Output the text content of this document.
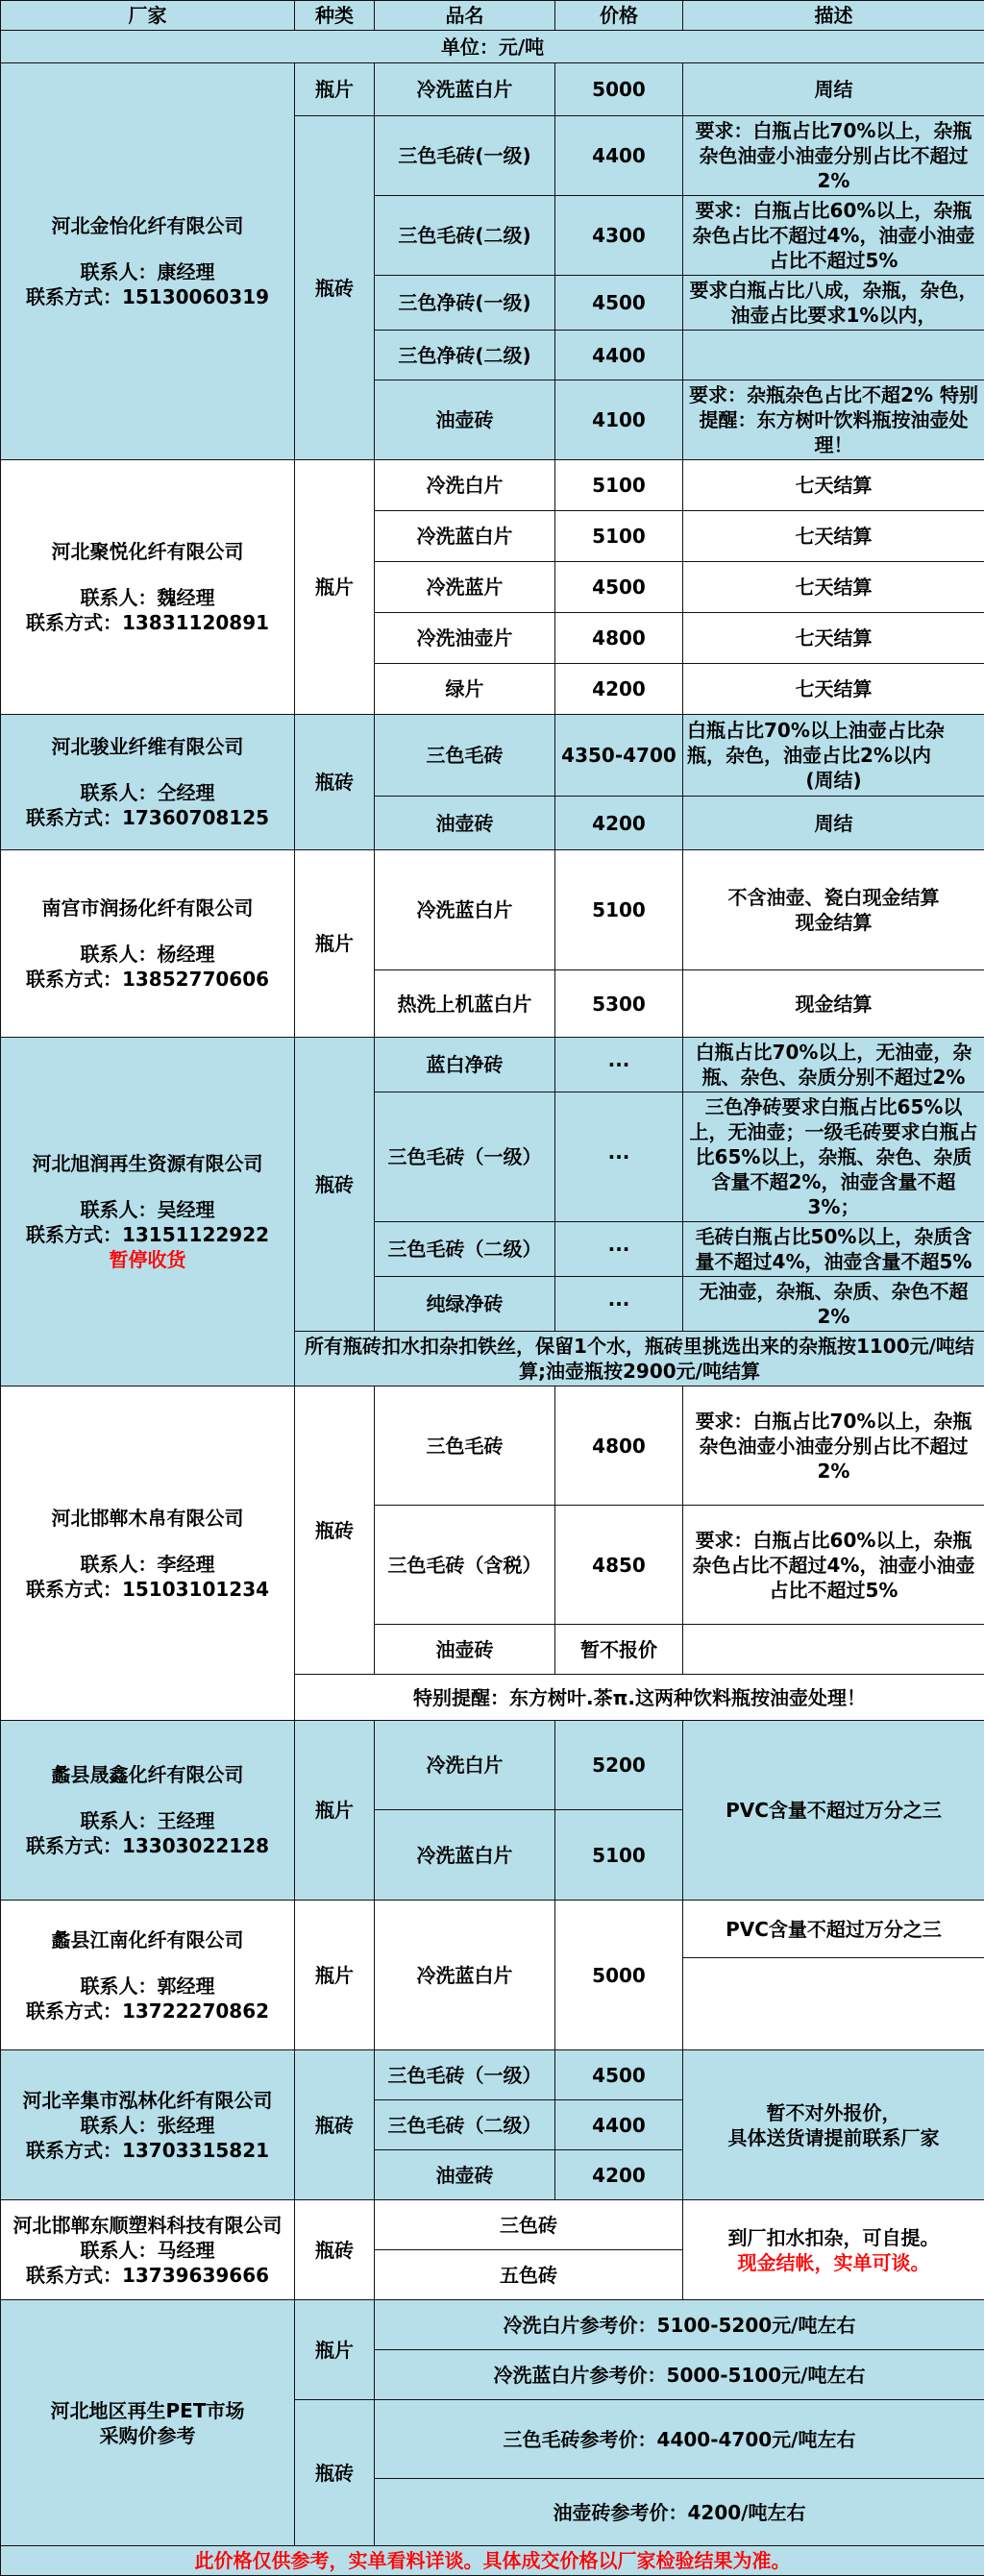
厂家	种类	品名	价格	描述
单位：元/吨				

河北金怡化纤有限公司
联系人：康经理
联系方式：15130060319	瓶片	冷洗蓝白片	5000	周结
	瓶砖	三色毛砖(一级)	4400	要求：白瓶占比70%以上，杂瓶杂色油壶小油壶分别占比不超过2%
		三色毛砖(二级)	4300	要求：白瓶占比60%以上，杂瓶杂色占比不超过4%，油壶小油壶占比不超过5%
		三色净砖(一级)	4500	要求白瓶占比八成，杂瓶，杂色，油壶占比要求1%以内，
		三色净砖(二级)	4400	
		油壶砖	4100	要求：杂瓶杂色占比不超2% 特别提醒：东方树叶饮料瓶按油壶处理！

河北聚悦化纤有限公司
联系人：魏经理
联系方式：13831120891	瓶片	冷洗白片	5100	七天结算
		冷洗蓝白片	5100	七天结算
		冷洗蓝片	4500	七天结算
		冷洗油壶片	4800	七天结算
		绿片	4200	七天结算

河北骏业纤维有限公司
联系人：仝经理
联系方式：17360708125	瓶砖	三色毛砖	4350-4700	白瓶占比70%以上油壶占比杂瓶，杂色，油壶占比2%以内
(周结)

		油壶砖	4200	周结

南宫市润扬化纤有限公司
联系人：杨经理
联系方式：13852770606	瓶片	冷洗蓝白片	5100	不含油壶、瓷白现金结算
现金结算

		热洗上机蓝白片	5300	现金结算

河北旭润再生资源有限公司
联系人：吴经理
联系方式：13151122922
暂停收货	瓶砖	蓝白净砖	···	白瓶占比70%以上，无油壶，杂瓶、杂色、杂质分别不超过2%
		三色毛砖（一级）	···	三色净砖要求白瓶占比65%以上，无油壶；一级毛砖要求白瓶占比65%以上，杂瓶、杂色、杂质含量不超2%，油壶含量不超3%；
		三色毛砖（二级）	···	毛砖白瓶占比50%以上，杂质含量不超过4%，油壶含量不超5%
		纯绿净砖	···	无油壶，杂瓶、杂质、杂色不超2%
	所有瓶砖扣水扣杂扣铁丝，保留1个水，瓶砖里挑选出来的杂瓶按1100元/吨结算;油壶瓶按2900元/吨结算			

河北邯郸木帛有限公司
联系人：李经理
联系方式：15103101234	瓶砖	三色毛砖	4800	要求：白瓶占比70%以上，杂瓶杂色油壶小油壶分别占比不超过2%
		三色毛砖（含税）	4850	要求：白瓶占比60%以上，杂瓶杂色占比不超过4%，油壶小油壶占比不超过5%
		油壶砖	暂不报价	
	特别提醒：东方树叶.茶π.这两种饮料瓶按油壶处理！			

蠡县晟鑫化纤有限公司
联系人：王经理
联系方式：13303022128	瓶片	冷洗白片	5200	PVC含量不超过万分之三
		冷洗蓝白片	5100	

蠡县江南化纤有限公司
联系人：郭经理
联系方式：13722270862	瓶片	冷洗蓝白片	5000	PVC含量不超过万分之三

河北辛集市泓林化纤有限公司
联系人：张经理
联系方式：13703315821	瓶砖	三色毛砖（一级）	4500	暂不对外报价，
具体送货请提前联系厂家

		三色毛砖（二级）	4400	
		油壶砖	4200	

河北邯郸东顺塑料科技有限公司
联系人：马经理
联系方式：13739639666	瓶砖	三色砖		到厂扣水扣杂，可自提。
现金结帐，实单可谈。

		五色砖		

河北地区再生PET市场
采购价参考	瓶片	冷洗白片参考价：5100-5200元/吨左右		
		冷洗蓝白片参考价：5000-5100元/吨左右		
	瓶砖	三色毛砖参考价：4400-4700元/吨左右		
		油壶砖参考价：4200/吨左右		
此价格仅供参考，实单看料详谈。具体成交价格以厂家检验结果为准。				
